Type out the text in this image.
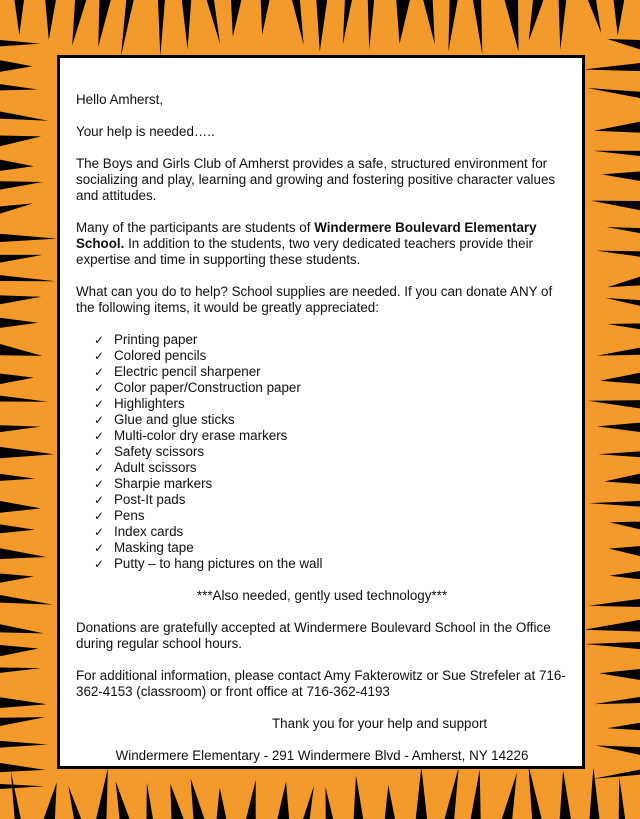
Hello Amherst,

Your help is needed…..

The Boys and Girls Club of Amherst provides a safe, structured environment for socializing and play, learning and growing and fostering positive character values and attitudes.

Many of the participants are students of Windermere Boulevard Elementary School. In addition to the students, two very dedicated teachers provide their expertise and time in supporting these students.

What can you do to help? School supplies are needed. If you can donate ANY of the following items, it would be greatly appreciated:

✓ Printing paper
✓ Colored pencils
✓ Electric pencil sharpener
✓ Color paper/Construction paper
✓ Highlighters
✓ Glue and glue sticks
✓ Multi-color dry erase markers
✓ Safety scissors
✓ Adult scissors
✓ Sharpie markers
✓ Post-It pads
✓ Pens
✓ Index cards
✓ Masking tape
✓ Putty – to hang pictures on the wall

***Also needed, gently used technology***

Donations are gratefully accepted at Windermere Boulevard School in the Office during regular school hours.

For additional information, please contact Amy Fakterowitz or Sue Strefeler at 716-362-4153 (classroom) or front office at 716-362-4193

Thank you for your help and support

Windermere Elementary - 291 Windermere Blvd - Amherst, NY 14226
